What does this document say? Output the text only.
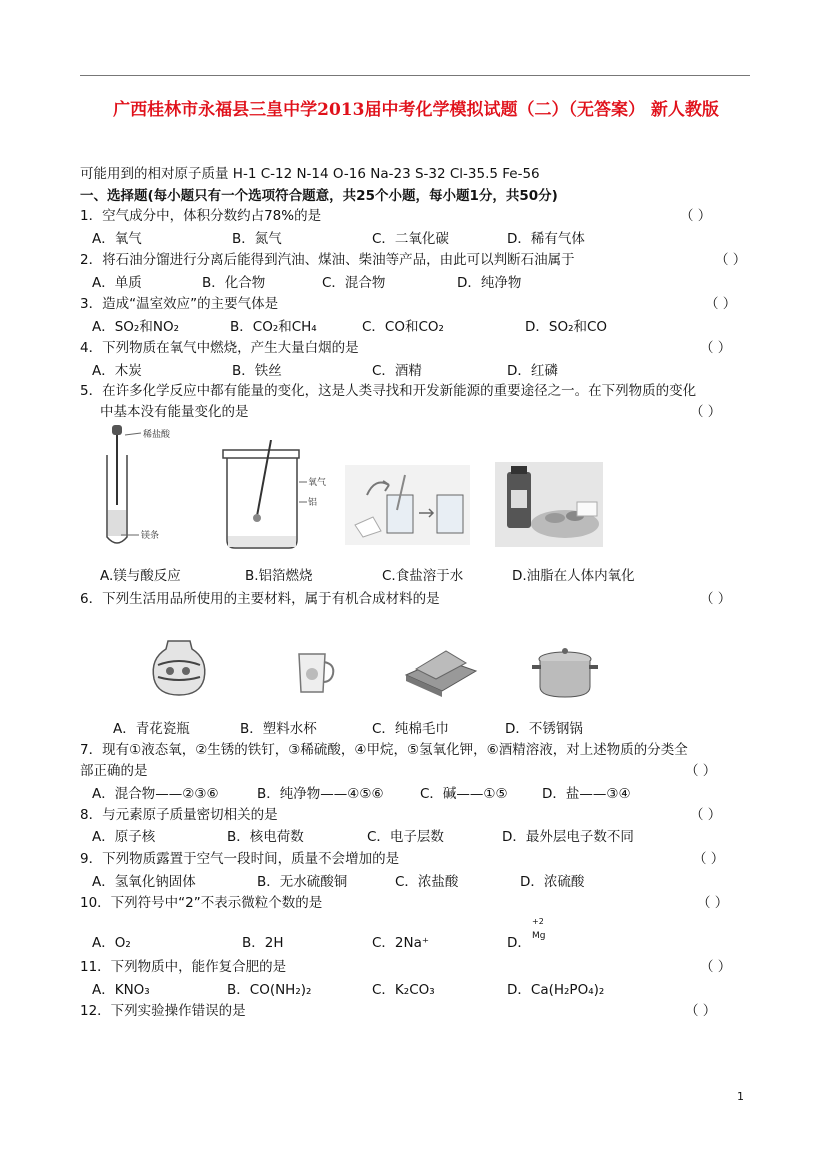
广西桂林市永福县三皇中学2013届中考化学模拟试题（二）（无答案） 新人教版

可能用到的相对原子质量 H-1 C-12 N-14 O-16 Na-23 S-32 Cl-35.5 Fe-56

一、选择题(每小题只有一个选项符合题意，共25个小题，每小题1分，共50分)

1．空气成分中，体积分数约占78%的是	（ ）
A．氧气	B．氮气	C．二氧化碳	D．稀有气体

2．将石油分馏进行分离后能得到汽油、煤油、柴油等产品，由此可以判断石油属于	（ ）
A．单质	B．化合物	C．混合物	D．纯净物

3．造成“温室效应”的主要气体是	（ ）
A．SO₂和NO₂	B．CO₂和CH₄	C．CO和CO₂	D．SO₂和CO

4．下列物质在氧气中燃烧，产生大量白烟的是	（ ）
A．木炭	B．铁丝	C．酒精	D．红磷

5．在许多化学反应中都有能量的变化，这是人类寻找和开发新能源的重要途径之一。在下列物质的变化

中基本没有能量变化的是	（ ）
稀盐酸
镁条
氧气
铝
A.镁与酸反应	B.铝箔燃烧	C.食盐溶于水	D.油脂在人体内氧化

6．下列生活用品所使用的主要材料，属于有机合成材料的是	（ ）
A．青花瓷瓶	B．塑料水杯	C．纯棉毛巾	D．不锈钢锅

7．现有①液态氧，②生锈的铁钉，③稀硫酸，④甲烷，⑤氢氧化钾，⑥酒精溶液，对上述物质的分类全

部正确的是	（ ）
A．混合物——②③⑥	B．纯净物——④⑤⑥	C．碱——①⑤	D．盐——③④

8．与元素原子质量密切相关的是	（ ）
A．原子核	B．核电荷数	C．电子层数	D．最外层电子数不同

9．下列物质露置于空气一段时间，质量不会增加的是	（ ）
A．氢氧化钠固体	B．无水硫酸铜	C．浓盐酸	D．浓硫酸

10．下列符号中“2”不表示微粒个数的是	（ ）
A．O₂	B．2H	C．2Na⁺	D．
+2
Mg

11．下列物质中，能作复合肥的是	（ ）
A．KNO₃	B．CO(NH₂)₂	C．K₂CO₃	D．Ca(H₂PO₄)₂

12．下列实验操作错误的是	（ ）
1
